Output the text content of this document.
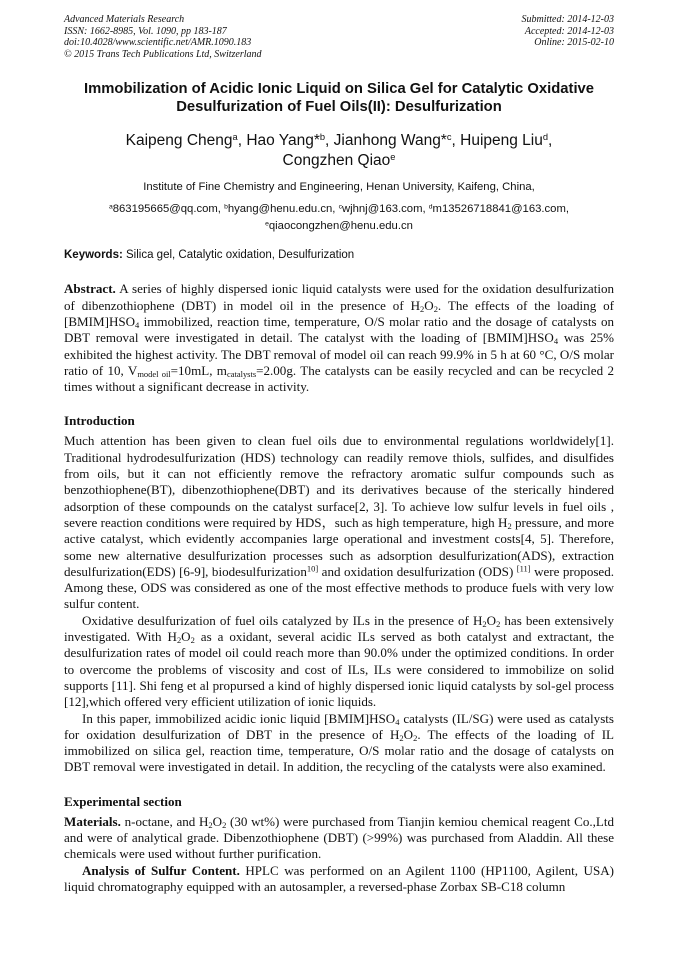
Advanced Materials Research
ISSN: 1662-8985, Vol. 1090, pp 183-187
doi:10.4028/www.scientific.net/AMR.1090.183
© 2015 Trans Tech Publications Ltd, Switzerland
Submitted: 2014-12-03
Accepted: 2014-12-03
Online: 2015-02-10
Immobilization of Acidic Ionic Liquid on Silica Gel for Catalytic Oxidative
Desulfurization of Fuel Oils(II): Desulfurization
Kaipeng Cheng$^a$, Hao Yang*$^b$, Jianhong Wang*$^c$, Huipeng Liu$^d$,
Congzhen Qiao$^e$
Institute of Fine Chemistry and Engineering, Henan University, Kaifeng, China,
$^a$863195665@qq.com, $^b$hyang@henu.edu.cn, $^c$wjhnj@163.com, $^d$m13526718841@163.com,
$^e$qiaocongzhen@henu.edu.cn
Keywords: Silica gel, Catalytic oxidation, Desulfurization

Abstract. A series of highly dispersed ionic liquid catalysts were used for the oxidation desulfurization of dibenzothiophene (DBT) in model oil in the presence of $H_2O_2$. The effects of the loading of $[BMIM]HSO_4$ immobilized, reaction time, temperature, O/S molar ratio and the dosage of catalysts on DBT removal were investigated in detail. The catalyst with the loading of $[BMIM]HSO_4$ was 25% exhibited the highest activity. The DBT removal of model oil can reach 99.9% in 5 h at 60 °C, O/S molar ratio of 10, $V_{model oil}=10mL$, $m_{catalysts}=2.00g$. The catalysts can be easily recycled and can be recycled 2 times without a significant decrease in activity.

Introduction

Much attention has been given to clean fuel oils due to environmental regulations worldwidely[1]. Traditional hydrodesulfurization (HDS) technology can readily remove thiols, sulfides, and disulfides from oils, but it can not efficiently remove the refractory aromatic sulfur compounds such as benzothiophene(BT), dibenzothiophene(DBT) and its derivatives because of the sterically hindered adsorption of these compounds on the catalyst surface[2, 3]. To achieve low sulfur levels in fuel oils , severe reaction conditions were required by HDS，such as high temperature, high $H_2$ pressure, and more active catalyst, which evidently accompanies large operational and investment costs[4, 5]. Therefore, some new alternative desulfurization processes such as adsorption desulfurization(ADS), extraction desulfurization(EDS) [6-9], biodesulfurization$^{10]}$ and oxidation desulfurization (ODS) [11] were proposed. Among these, ODS was considered as one of the most effective methods to produce fuels with very low sulfur content.

Oxidative desulfurization of fuel oils catalyzed by ILs in the presence of $H_2O_2$ has been extensively investigated. With $H_2O_2$ as a oxidant, several acidic ILs served as both catalyst and extractant, the desulfurization rates of model oil could reach more than 90.0% under the optimized conditions. In order to overcome the problems of viscosity and cost of ILs, ILs were considered to immobilize on solid supports [11]. Shi feng et al propursed a kind of highly dispersed ionic liquid catalysts by sol-gel process [12],which offered very efficient utilization of ionic liquids.

In this paper, immobilized acidic ionic liquid $[BMIM]HSO_4$ catalysts (IL/SG) were used as catalysts for oxidation desulfurization of DBT in the presence of $H_2O_2$. The effects of the loading of IL immobilized on silica gel, reaction time, temperature, O/S molar ratio and the dosage of catalysts on DBT removal were investigated in detail. In addition, the recycling of the catalysts were also examined.

Experimental section

Materials. n-octane, and $H_2O_2$ (30 wt%) were purchased from Tianjin kemiou chemical reagent Co.,Ltd and were of analytical grade. Dibenzothiophene (DBT) (>99%) was purchased from Aladdin. All these chemicals were used without further purification.

Analysis of Sulfur Content. HPLC was performed on an Agilent 1100 (HP1100, Agilent, USA) liquid chromatography equipped with an autosampler, a reversed-phase Zorbax SB-C18 column
